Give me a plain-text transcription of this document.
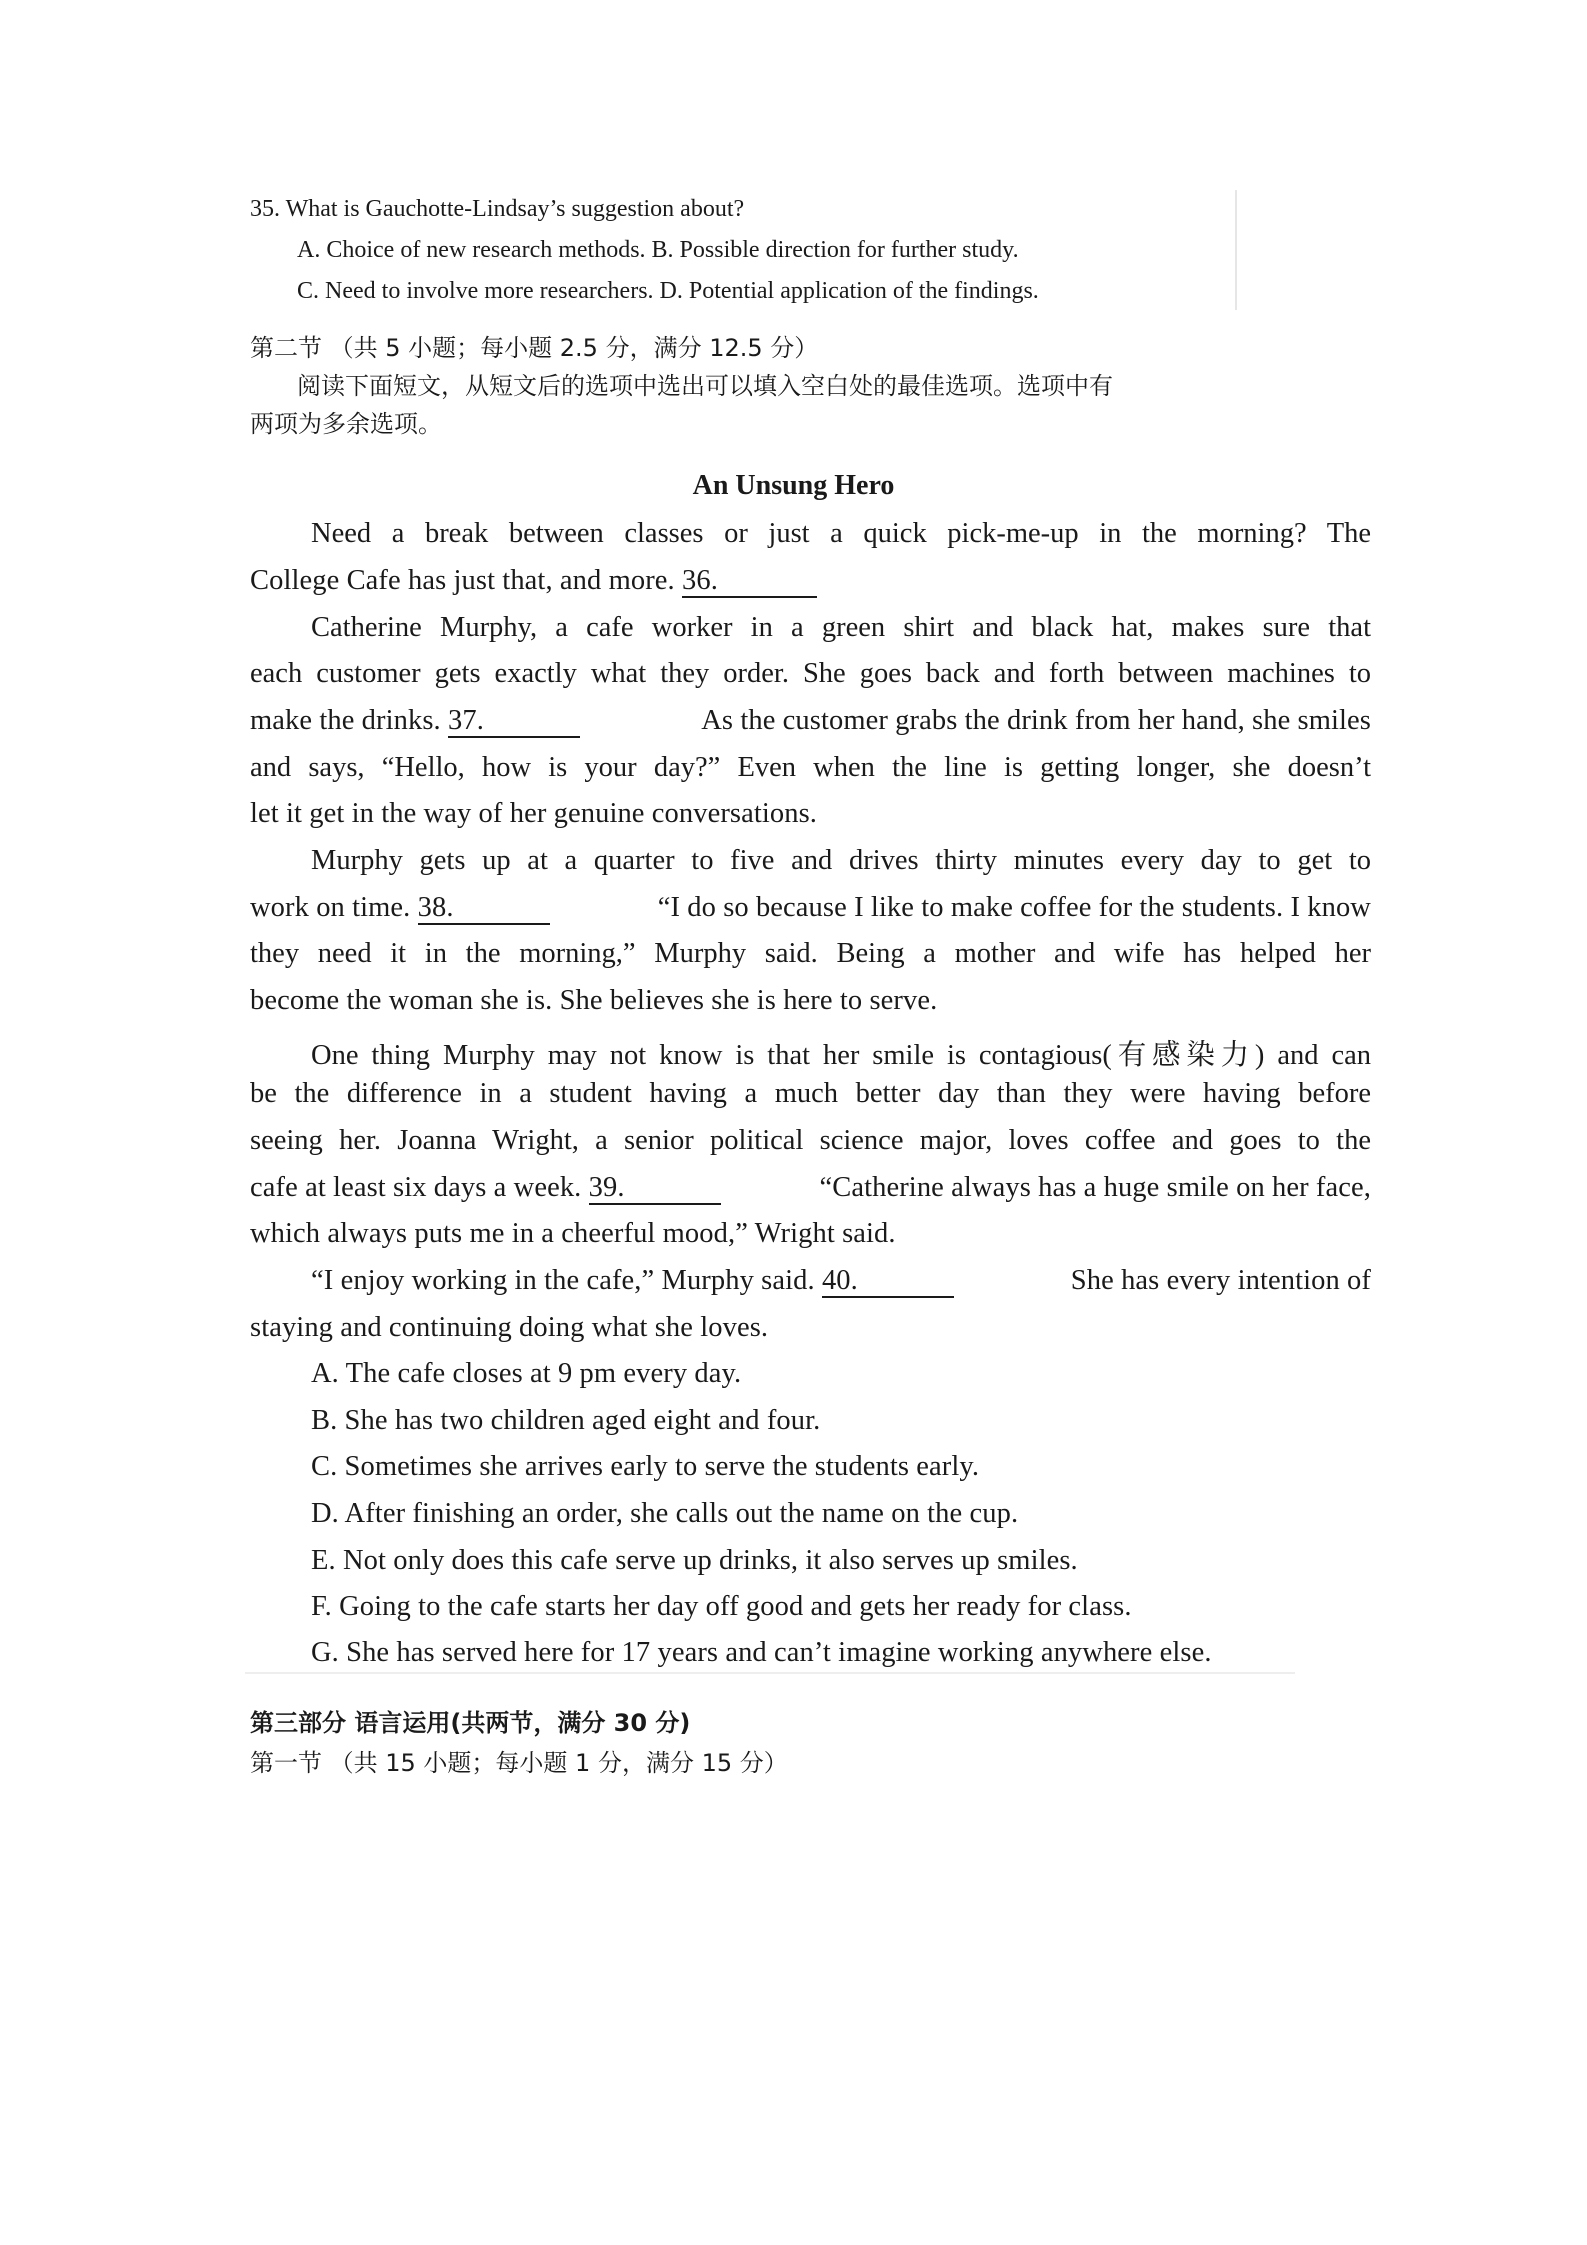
35. What is Gauchotte-Lindsay’s suggestion about?
A. Choice of new research methods. B. Possible direction for further study.
C. Need to involve more researchers. D. Potential application of the findings.
第二节 （共 5 小题；每小题 2.5 分，满分 12.5 分）
阅读下面短文，从短文后的选项中选出可以填入空白处的最佳选项。选项中有
两项为多余选项。
An Unsung Hero
Need a break between classes or just a quick pick-me-up in the morning? The
College Cafe has just that, and more. 36.
Catherine Murphy, a cafe worker in a green shirt and black hat, makes sure that
each customer gets exactly what they order. She goes back and forth between machines to
make the drinks. 37.	As the customer grabs the drink from her hand, she smiles
and says, “Hello, how is your day?” Even when the line is getting longer, she doesn’t
let it get in the way of her genuine conversations.
Murphy gets up at a quarter to five and drives thirty minutes every day to get to
work on time. 38.	“I do so because I like to make coffee for the students. I know
they need it in the morning,” Murphy said. Being a mother and wife has helped her
become the woman she is. She believes she is here to serve.
One thing Murphy may not know is that her smile is contagious(有感染力) and can
be the difference in a student having a much better day than they were having before
seeing her. Joanna Wright, a senior political science major, loves coffee and goes to the
cafe at least six days a week. 39.	“Catherine always has a huge smile on her face,
which always puts me in a cheerful mood,” Wright said.
“I enjoy working in the cafe,” Murphy said. 40.	She has every intention of
staying and continuing doing what she loves.
A. The cafe closes at 9 pm every day.
B. She has two children aged eight and four.
C. Sometimes she arrives early to serve the students early.
D. After finishing an order, she calls out the name on the cup.
E. Not only does this cafe serve up drinks, it also serves up smiles.
F. Going to the cafe starts her day off good and gets her ready for class.
G. She has served here for 17 years and can’t imagine working anywhere else.
第三部分 语言运用(共两节，满分 30 分)
第一节 （共 15 小题；每小题 1 分，满分 15 分）
